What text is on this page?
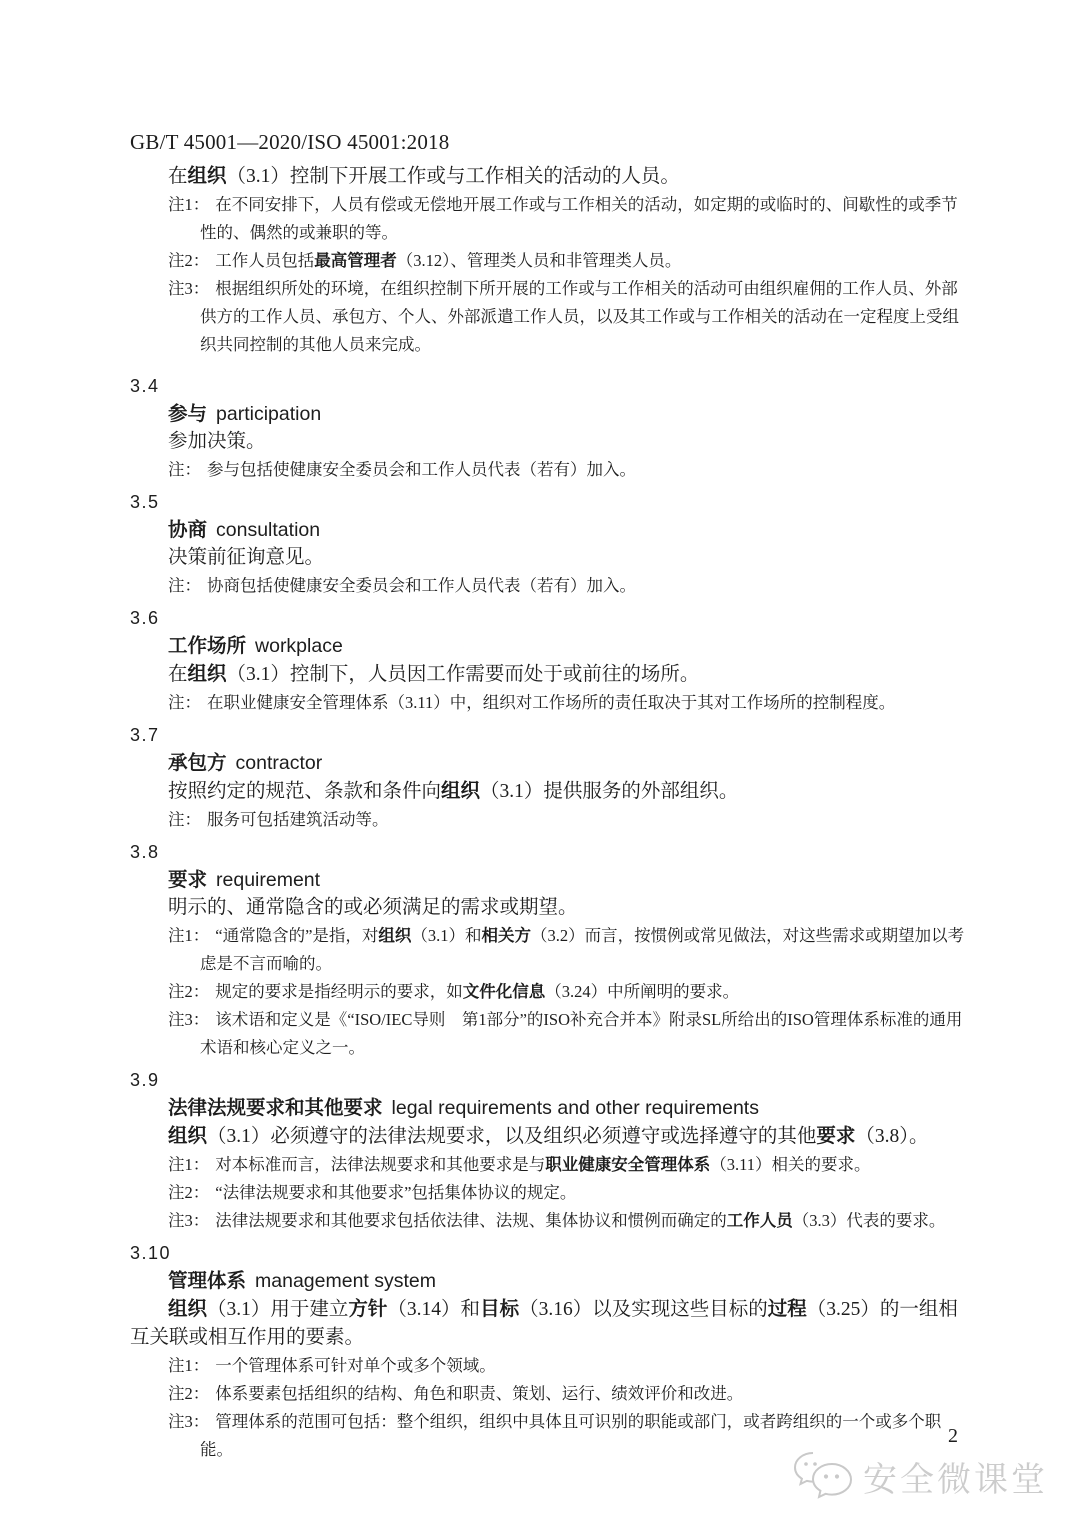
GB/T 45001—2020/ISO 45001:2018

在组织（3.1）控制下开展工作或与工作相关的活动的人员。

注1： 在不同安排下，人员有偿或无偿地开展工作或与工作相关的活动，如定期的或临时的、间歇性的或季节性的、偶然的或兼职的等。

注2： 工作人员包括最高管理者（3.12）、管理类人员和非管理类人员。

注3： 根据组织所处的环境，在组织控制下所开展的工作或与工作相关的活动可由组织雇佣的工作人员、外部供方的工作人员、承包方、个人、外部派遣工作人员，以及其工作或与工作相关的活动在一定程度上受组织共同控制的其他人员来完成。

3.4
参与 participation

参加决策。

注： 参与包括使健康安全委员会和工作人员代表（若有）加入。

3.5
协商 consultation

决策前征询意见。

注： 协商包括使健康安全委员会和工作人员代表（若有）加入。

3.6
工作场所 workplace

在组织（3.1）控制下，人员因工作需要而处于或前往的场所。

注： 在职业健康安全管理体系（3.11）中，组织对工作场所的责任取决于其对工作场所的控制程度。

3.7
承包方 contractor

按照约定的规范、条款和条件向组织（3.1）提供服务的外部组织。

注： 服务可包括建筑活动等。

3.8
要求 requirement

明示的、通常隐含的或必须满足的需求或期望。

注1： “通常隐含的”是指，对组织（3.1）和相关方（3.2）而言，按惯例或常见做法，对这些需求或期望加以考虑是不言而喻的。

注2： 规定的要求是指经明示的要求，如文件化信息（3.24）中所阐明的要求。

注3： 该术语和定义是《“ISO/IEC导则　第1部分”的ISO补充合并本》附录SL所给出的ISO管理体系标准的通用术语和核心定义之一。

3.9
法律法规要求和其他要求 legal requirements and other requirements

组织（3.1）必须遵守的法律法规要求，以及组织必须遵守或选择遵守的其他要求（3.8）。

注1： 对本标准而言，法律法规要求和其他要求是与职业健康安全管理体系（3.11）相关的要求。

注2： “法律法规要求和其他要求”包括集体协议的规定。

注3： 法律法规要求和其他要求包括依法律、法规、集体协议和惯例而确定的工作人员（3.3）代表的要求。

3.10
管理体系 management system

组织（3.1）用于建立方针（3.14）和目标（3.16）以及实现这些目标的过程（3.25）的一组相互关联或相互作用的要素。

注1： 一个管理体系可针对单个或多个领域。

注2： 体系要素包括组织的结构、角色和职责、策划、运行、绩效评价和改进。

注3： 管理体系的范围可包括：整个组织，组织中具体且可识别的职能或部门，或者跨组织的一个或多个职能。

2
安全微课堂
